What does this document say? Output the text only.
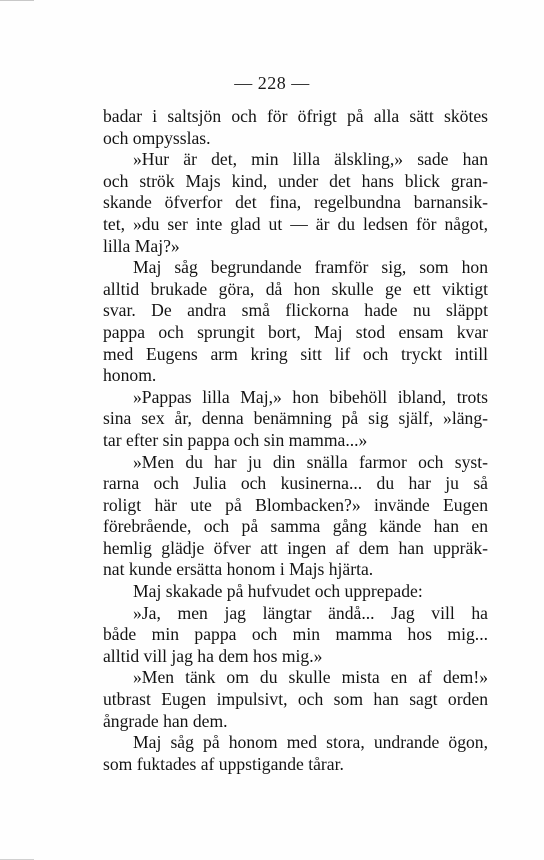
— 228 —
badar i saltsjön och för öfrigt på alla sätt skötes
och ompysslas.
»Hur är det, min lilla älskling,» sade han
och strök Majs kind, under det hans blick gran-
skande öfverfor det fina, regelbundna barnansik-
tet, »du ser inte glad ut — är du ledsen för något,
lilla Maj?»
Maj såg begrundande framför sig, som hon
alltid brukade göra, då hon skulle ge ett viktigt
svar. De andra små flickorna hade nu släppt
pappa och sprungit bort, Maj stod ensam kvar
med Eugens arm kring sitt lif och tryckt intill
honom.
»Pappas lilla Maj,» hon bibehöll ibland, trots
sina sex år, denna benämning på sig själf, »läng-
tar efter sin pappa och sin mamma...»
»Men du har ju din snälla farmor och syst-
rarna och Julia och kusinerna... du har ju så
roligt här ute på Blombacken?» invände Eugen
förebrående, och på samma gång kände han en
hemlig glädje öfver att ingen af dem han uppräk-
nat kunde ersätta honom i Majs hjärta.
Maj skakade på hufvudet och upprepade:
»Ja, men jag längtar ändå... Jag vill ha
både min pappa och min mamma hos mig...
alltid vill jag ha dem hos mig.»
»Men tänk om du skulle mista en af dem!»
utbrast Eugen impulsivt, och som han sagt orden
ångrade han dem.
Maj såg på honom med stora, undrande ögon,
som fuktades af uppstigande tårar.
